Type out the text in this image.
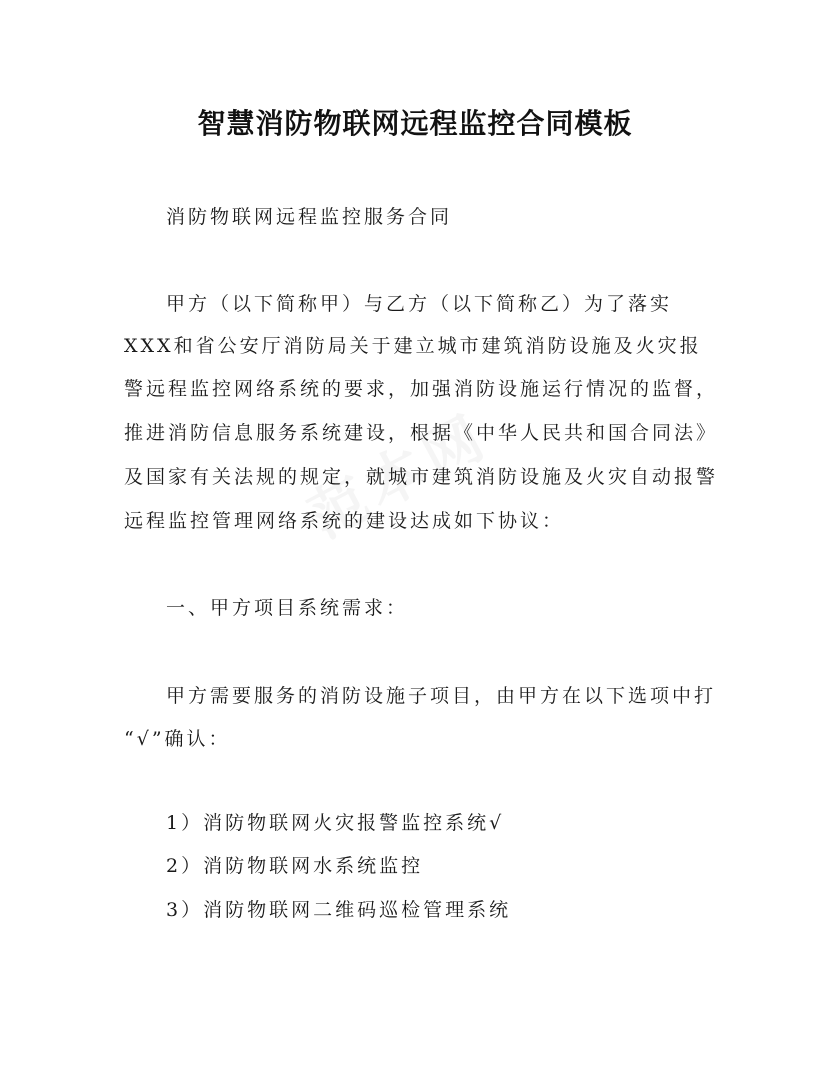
智慧消防物联网远程监控合同模板
消防物联网远程监控服务合同
甲方（以下简称甲）与乙方（以下简称乙）为了落实
XXX和省公安厅消防局关于建立城市建筑消防设施及火灾报
警远程监控网络系统的要求，加强消防设施运行情况的监督，
推进消防信息服务系统建设，根据《中华人民共和国合同法》
及国家有关法规的规定，就城市建筑消防设施及火灾自动报警
远程监控管理网络系统的建设达成如下协议：
一、甲方项目系统需求：
甲方需要服务的消防设施子项目，由甲方在以下选项中打
“√”确认：
1）消防物联网火灾报警监控系统√
2）消防物联网水系统监控
3）消防物联网二维码巡检管理系统
